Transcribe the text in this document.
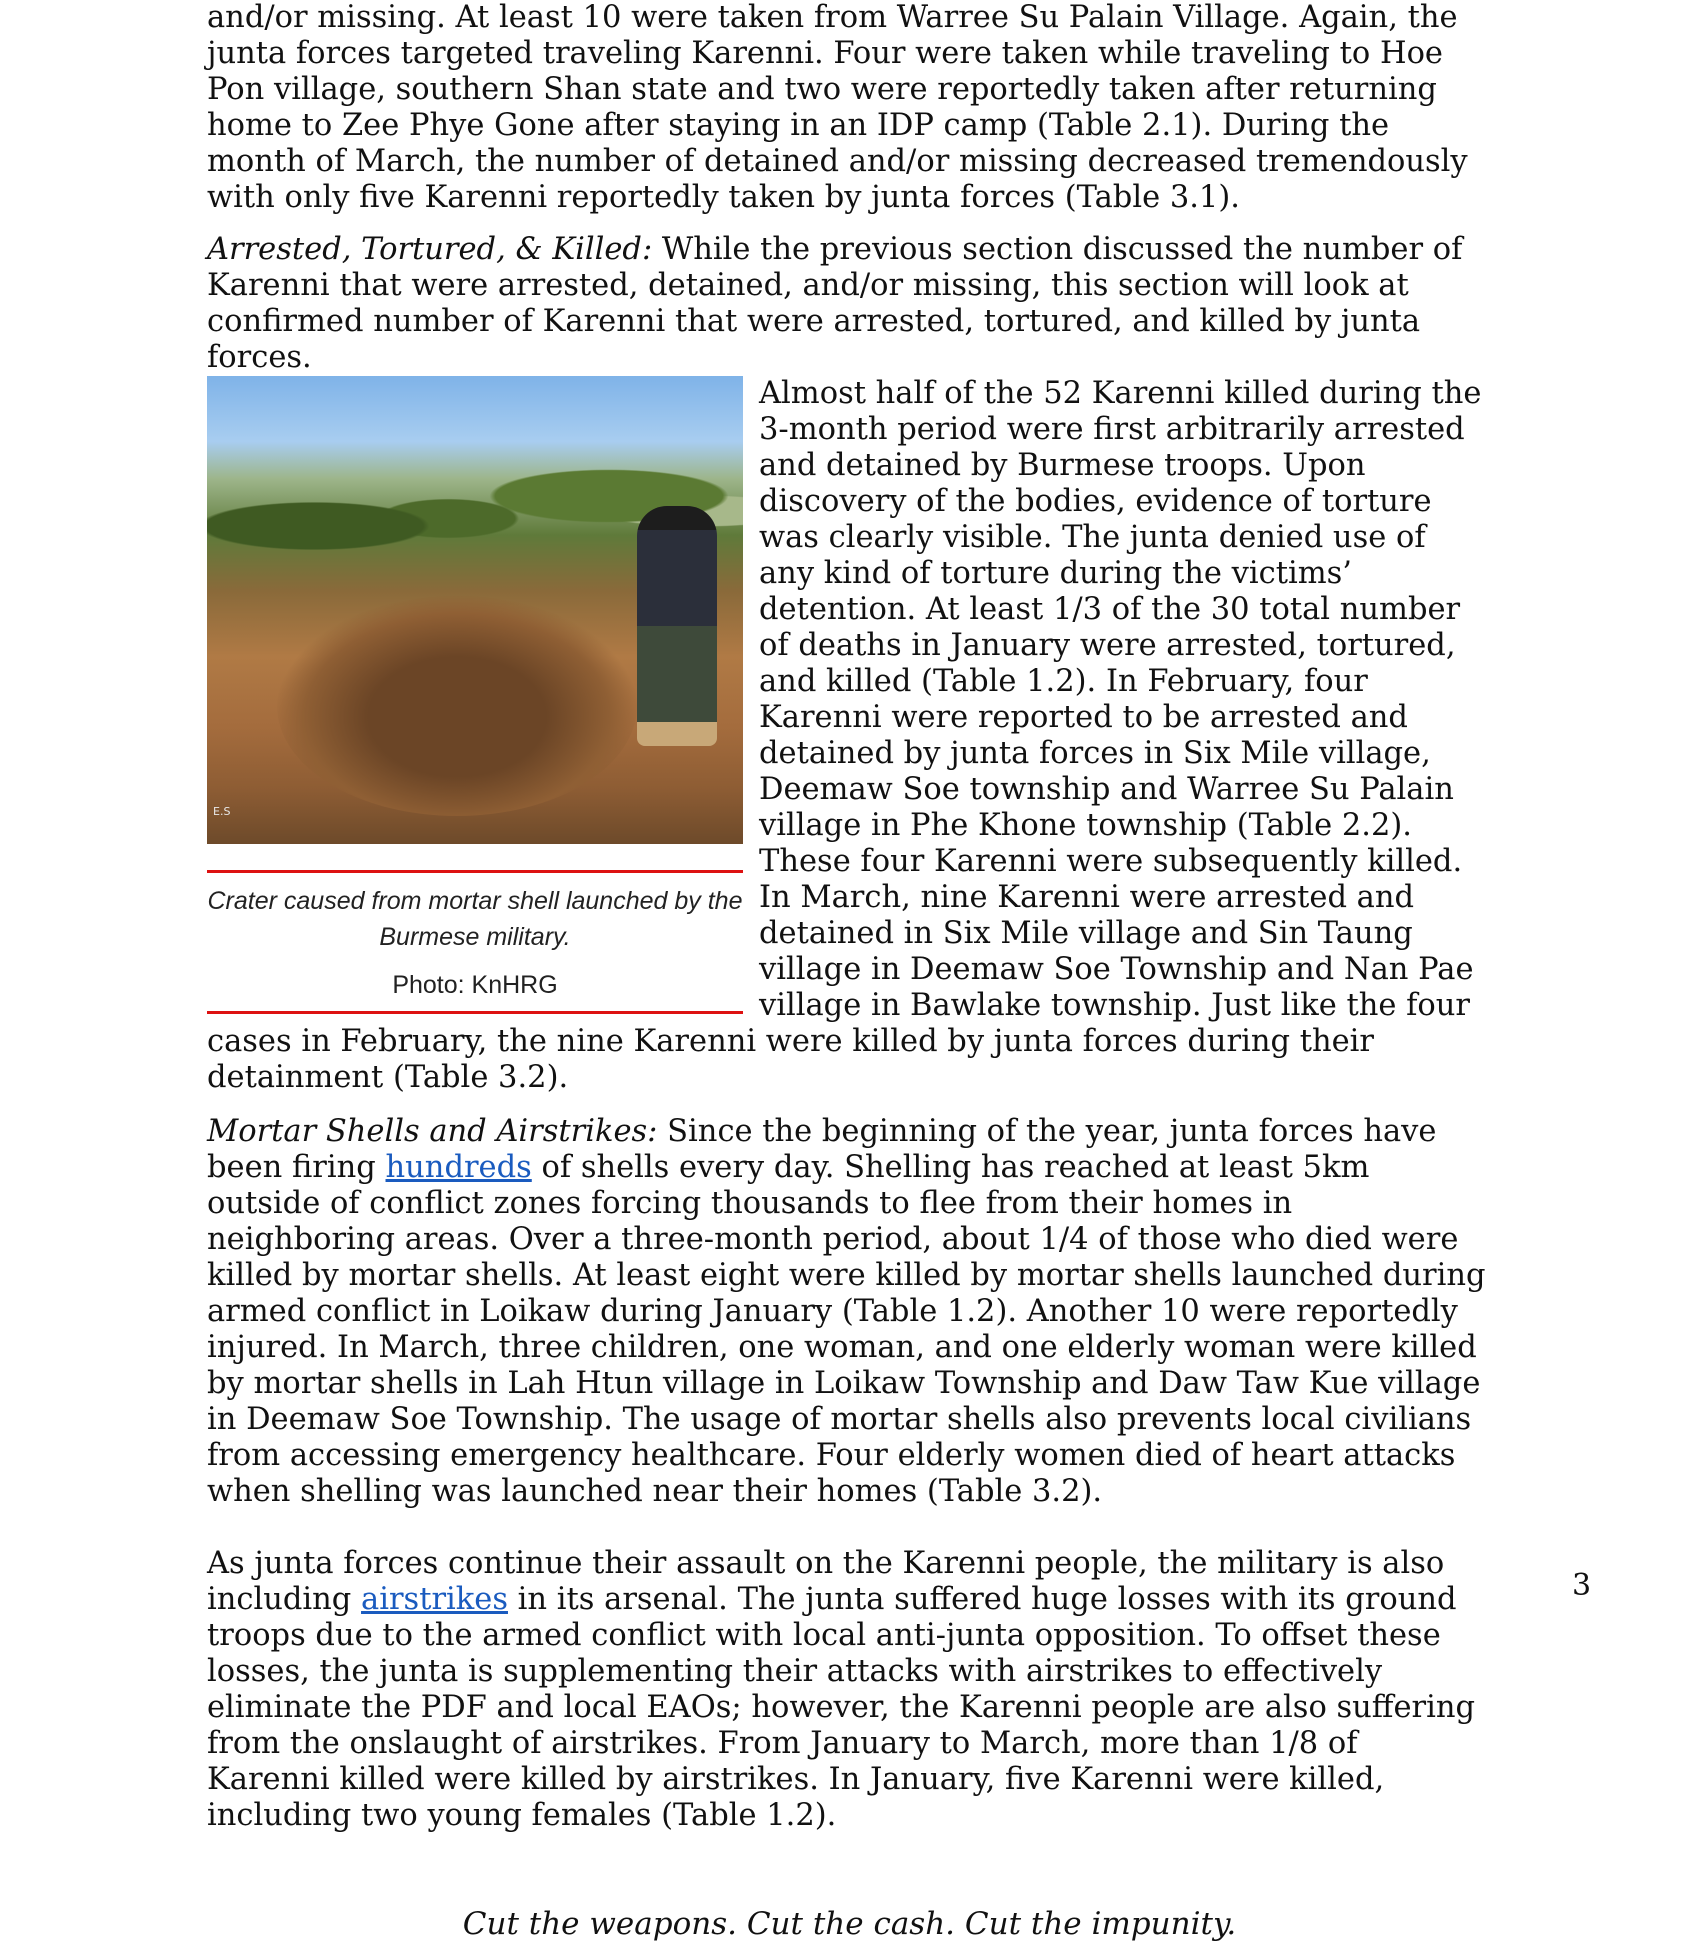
and/or missing. At least 10 were taken from Warree Su Palain Village. Again, the junta forces targeted traveling Karenni. Four were taken while traveling to Hoe Pon village, southern Shan state and two were reportedly taken after returning home to Zee Phye Gone after staying in an IDP camp (Table 2.1). During the month of March, the number of detained and/or missing decreased tremendously with only five Karenni reportedly taken by junta forces (Table 3.1).

Arrested, Tortured, & Killed: While the previous section discussed the number of Karenni that were arrested, detained, and/or missing, this section will look at confirmed number of Karenni that were arrested, tortured, and killed by junta forces.

E.S
Crater caused from mortar shell launched by the Burmese military.
Photo: KnHRG

Almost half of the 52 Karenni killed during the 3-month period were first arbitrarily arrested and detained by Burmese troops. Upon discovery of the bodies, evidence of torture was clearly visible. The junta denied use of any kind of torture during the victims’ detention. At least 1/3 of the 30 total number of deaths in January were arrested, tortured, and killed (Table 1.2). In February, four Karenni were reported to be arrested and detained by junta forces in Six Mile village, Deemaw Soe township and Warree Su Palain village in Phe Khone township (Table 2.2). These four Karenni were subsequently killed. In March, nine Karenni were arrested and detained in Six Mile village and Sin Taung village in Deemaw Soe Township and Nan Pae village in Bawlake township. Just like the four cases in February, the nine Karenni were killed by junta forces during their detainment (Table 3.2).

Mortar Shells and Airstrikes: Since the beginning of the year, junta forces have been firing hundreds of shells every day. Shelling has reached at least 5km outside of conflict zones forcing thousands to flee from their homes in neighboring areas. Over a three-month period, about 1/4 of those who died were killed by mortar shells. At least eight were killed by mortar shells launched during armed conflict in Loikaw during January (Table 1.2). Another 10 were reportedly injured. In March, three children, one woman, and one elderly woman were killed by mortar shells in Lah Htun village in Loikaw Township and Daw Taw Kue village in Deemaw Soe Township. The usage of mortar shells also prevents local civilians from accessing emergency healthcare. Four elderly women died of heart attacks when shelling was launched near their homes (Table 3.2).

As junta forces continue their assault on the Karenni people, the military is also including airstrikes in its arsenal. The junta suffered huge losses with its ground troops due to the armed conflict with local anti-junta opposition. To offset these losses, the junta is supplementing their attacks with airstrikes to effectively eliminate the PDF and local EAOs; however, the Karenni people are also suffering from the onslaught of airstrikes. From January to March, more than 1/8 of Karenni killed were killed by airstrikes. In January, five Karenni were killed, including two young females (Table 1.2).

3
Cut the weapons. Cut the cash. Cut the impunity.
